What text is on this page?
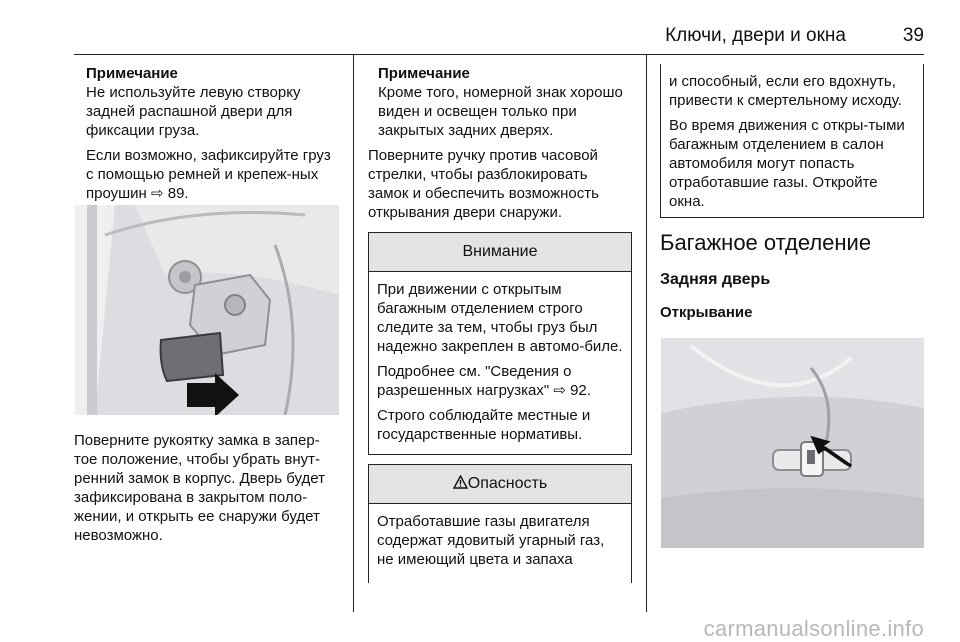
Ключи, двери и окна	39

Примечание
Не используйте левую створку задней распашной двери для фиксации груза.

Если возможно, зафиксируйте груз с помощью ремней и крепеж-ных проушин ⇨ 89.

Поверните рукоятку замка в запер-тое положение, чтобы убрать внут-ренний замок в корпус. Дверь будет зафиксирована в закрытом поло-жении, и открыть ее снаружи будет невозможно.

Примечание
Кроме того, номерной знак хорошо виден и освещен только при закрытых задних дверях.

Поверните ручку против часовой стрелки, чтобы разблокировать замок и обеспечить возможность открывания двери снаружи.

Внимание

При движении с открытым багажным отделением строго следите за тем, чтобы груз был надежно закреплен в автомо-биле.

Подробнее см. "Сведения о разрешенных нагрузках" ⇨ 92.

Строго соблюдайте местные и государственные нормативы.

Опасность

Отработавшие газы двигателя содержат ядовитый угарный газ, не имеющий цвета и запаха

и способный, если его вдохнуть, привести к смертельному исходу.

Во время движения с откры-тыми багажным отделением в салон автомобиля могут попасть отработавшие газы. Откройте окна.

Багажное отделение
Задняя дверь
Открывание
carmanualsonline.info
